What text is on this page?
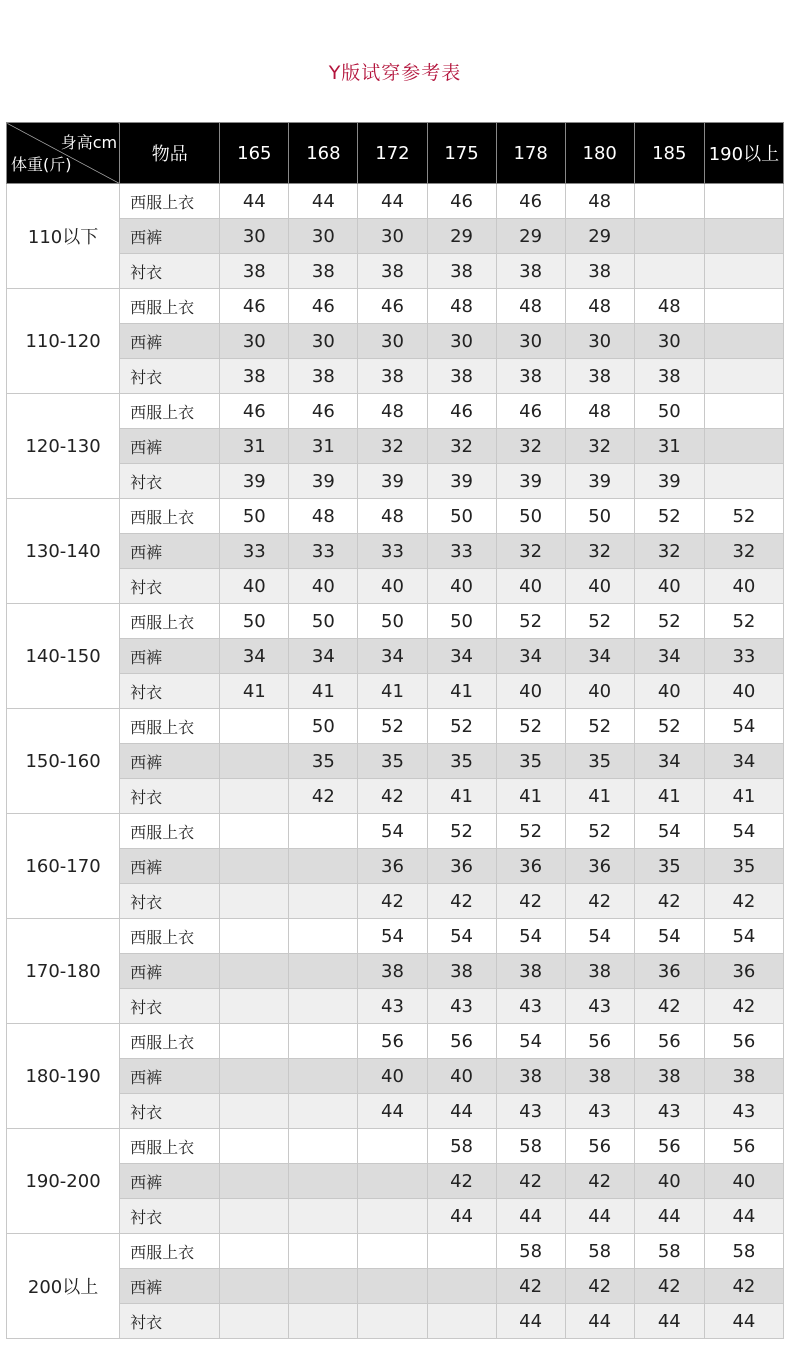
Y版试穿参考表
身高cm
体重(斤)	物品	165	168	172	175	178	180	185	190以上
110以下	西服上衣	44	44	44	46	46	48		
	西裤	30	30	30	29	29	29		
	衬衣	38	38	38	38	38	38		
110-120	西服上衣	46	46	46	48	48	48	48	
	西裤	30	30	30	30	30	30	30	
	衬衣	38	38	38	38	38	38	38	
120-130	西服上衣	46	46	48	46	46	48	50	
	西裤	31	31	32	32	32	32	31	
	衬衣	39	39	39	39	39	39	39	
130-140	西服上衣	50	48	48	50	50	50	52	52
	西裤	33	33	33	33	32	32	32	32
	衬衣	40	40	40	40	40	40	40	40
140-150	西服上衣	50	50	50	50	52	52	52	52
	西裤	34	34	34	34	34	34	34	33
	衬衣	41	41	41	41	40	40	40	40
150-160	西服上衣		50	52	52	52	52	52	54
	西裤		35	35	35	35	35	34	34
	衬衣		42	42	41	41	41	41	41
160-170	西服上衣			54	52	52	52	54	54
	西裤			36	36	36	36	35	35
	衬衣			42	42	42	42	42	42
170-180	西服上衣			54	54	54	54	54	54
	西裤			38	38	38	38	36	36
	衬衣			43	43	43	43	42	42
180-190	西服上衣			56	56	54	56	56	56
	西裤			40	40	38	38	38	38
	衬衣			44	44	43	43	43	43
190-200	西服上衣				58	58	56	56	56
	西裤				42	42	42	40	40
	衬衣				44	44	44	44	44
200以上	西服上衣					58	58	58	58
	西裤					42	42	42	42
	衬衣					44	44	44	44
